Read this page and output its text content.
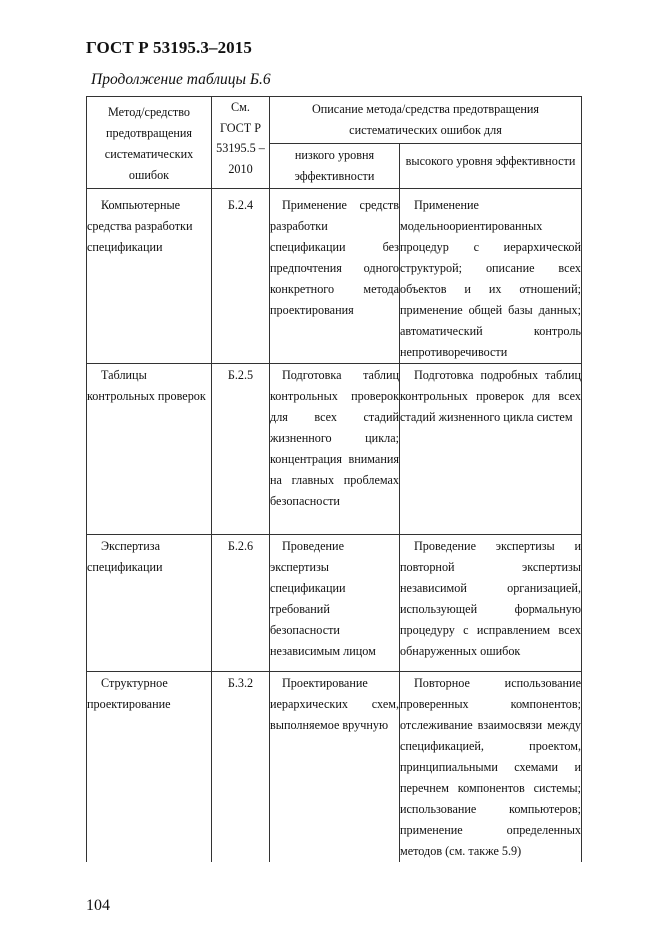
ГОСТ Р 53195.3–2015
Продолжение таблицы Б.6
Метод/средство предотвращения систематических ошибок	См. ГОСТ Р 53195.5 –2010	Описание метода/средства предотвращения систематических ошибок для	
		низкого уровня эффективности	высокого уровня эффективности

Компьютерные средства разработки спецификации	Б.2.4	Применение средств разработки спецификации без предпочтения одного конкретного метода проектирования	Применение модельноориентированных процедур с иерархической структурой; описание всех объектов и их отношений; применение общей базы данных; автоматический контроль непротиворечивости
Таблицы контрольных проверок	Б.2.5	Подготовка таблиц контрольных проверок для всех стадий жизненного цикла; концентрация внимания на главных проблемах безопасности	Подготовка подробных таблиц контрольных проверок для всех стадий жизненного цикла систем
Экспертиза спецификации	Б.2.6	Проведение экспертизы спецификации требований безопасности независимым лицом	Проведение экспертизы и повторной экспертизы независимой организацией, использующей формальную процедуру с исправлением всех обнаруженных ошибок
Структурное проектирование	Б.3.2	Проектирование иерархических схем, выполняемое вручную	Повторное использование проверенных компонентов; отслеживание взаимосвязи между спецификацией, проектом, принципиальными схемами и перечнем компонентов системы; использование компьютеров; применение определенных методов (см. также 5.9)
104
